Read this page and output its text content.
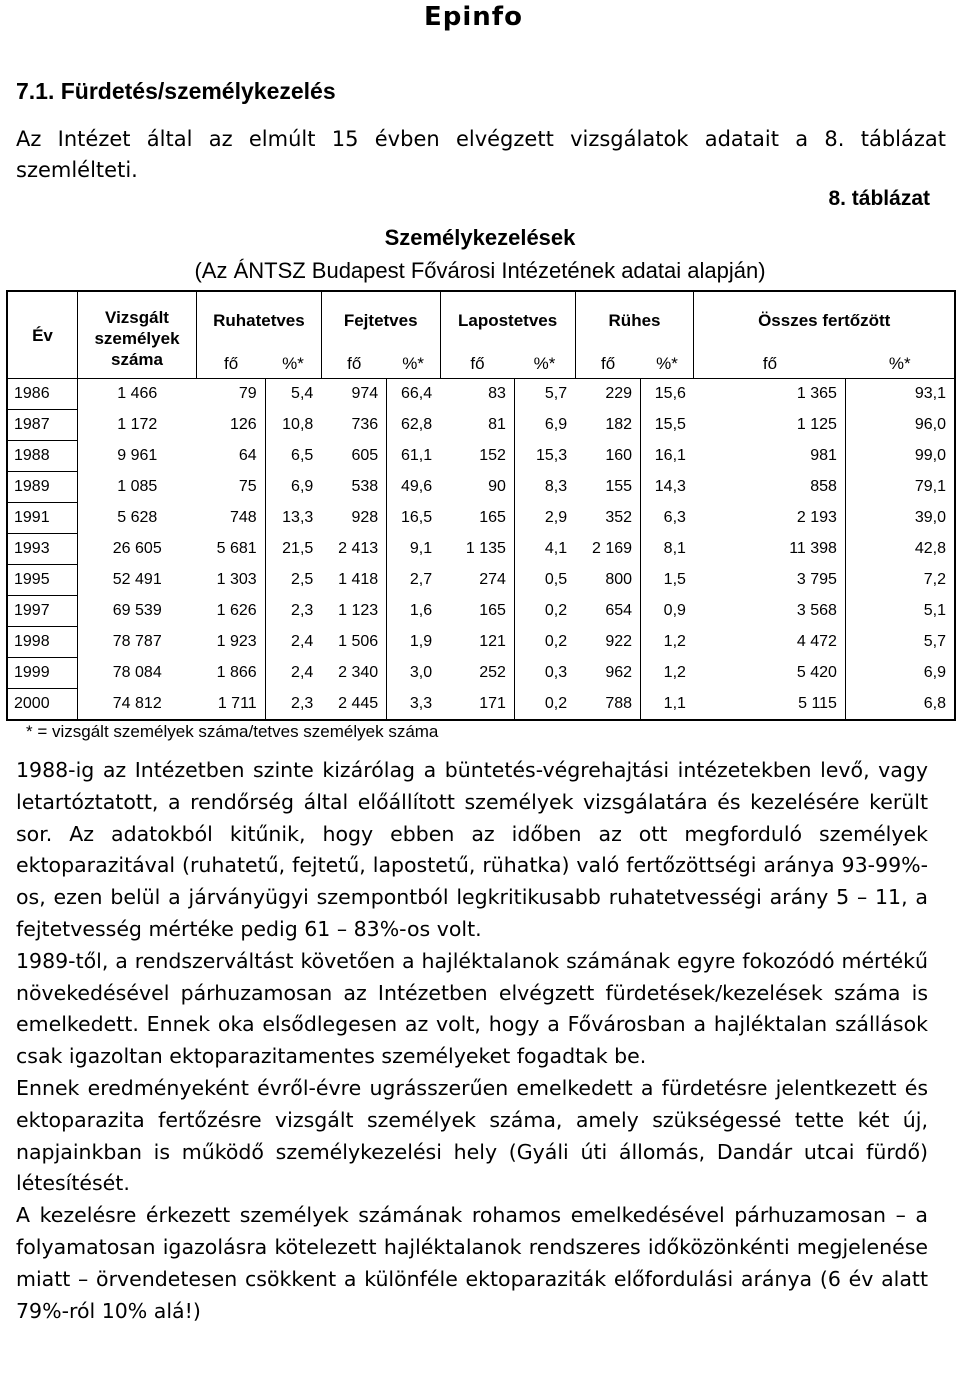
Epinfo
7.1. Fürdetés/személykezelés
Az Intézet által az elmúlt 15 évben elvégzett vizsgálatok adatait a 8. táblázat szemlélteti.
8. táblázat
Személykezelések
(Az ÁNTSZ Budapest Fővárosi Intézetének adatai alapján)
Év	Vizsgált személyek száma	Ruhatetves		Fejtetves		Lapostetves		Rühes		Összes fertőzött	
		fő	%*	fő	%*	fő	%*	fő	%*	fő	%*
1986	1 466	79	5,4	974	66,4	83	5,7	229	15,6	1 365	93,1
1987	1 172	126	10,8	736	62,8	81	6,9	182	15,5	1 125	96,0
1988	9 961	64	6,5	605	61,1	152	15,3	160	16,1	981	99,0
1989	1 085	75	6,9	538	49,6	90	8,3	155	14,3	858	79,1
1991	5 628	748	13,3	928	16,5	165	2,9	352	6,3	2 193	39,0
1993	26 605	5 681	21,5	2 413	9,1	1 135	4,1	2 169	8,1	11 398	42,8
1995	52 491	1 303	2,5	1 418	2,7	274	0,5	800	1,5	3 795	7,2
1997	69 539	1 626	2,3	1 123	1,6	165	0,2	654	0,9	3 568	5,1
1998	78 787	1 923	2,4	1 506	1,9	121	0,2	922	1,2	4 472	5,7
1999	78 084	1 866	2,4	2 340	3,0	252	0,3	962	1,2	5 420	6,9
2000	74 812	1 711	2,3	2 445	3,3	171	0,2	788	1,1	5 115	6,8
* = vizsgált személyek száma/tetves személyek száma

1988-ig az Intézetben szinte kizárólag a büntetés-végrehajtási intézetekben levő, vagy letartóztatott, a rendőrség által előállított személyek vizsgálatára és kezelésére került sor. Az adatokból kitűnik, hogy ebben az időben az ott megforduló személyek ektoparazitával (ruhatetű, fejtetű, lapostetű, rühatka) való fertőzöttségi aránya 93-99%-os, ezen belül a járványügyi szempontból legkritikusabb ruhatetvességi arány 5 – 11, a fejtetvesség mértéke pedig 61 – 83%-os volt.

1989-től, a rendszerváltást követően a hajléktalanok számának egyre fokozódó mértékű növekedésével párhuzamosan az Intézetben elvégzett fürdetések/kezelések száma is emelkedett. Ennek oka elsődlegesen az volt, hogy a Fővárosban a hajléktalan szállások csak igazoltan ektoparazitamentes személyeket fogadtak be.

Ennek eredményeként évről-évre ugrásszerűen emelkedett a fürdetésre jelentkezett és ektoparazita fertőzésre vizsgált személyek száma, amely szükségessé tette két új, napjainkban is működő személykezelési hely (Gyáli úti állomás, Dandár utcai fürdő) létesítését.

A kezelésre érkezett személyek számának rohamos emelkedésével párhuzamosan – a folyamatosan igazolásra kötelezett hajléktalanok rendszeres időközönkénti megjelenése miatt – örvendetesen csökkent a különféle ektoparaziták előfordulási aránya (6 év alatt 79%-ról 10% alá!)
